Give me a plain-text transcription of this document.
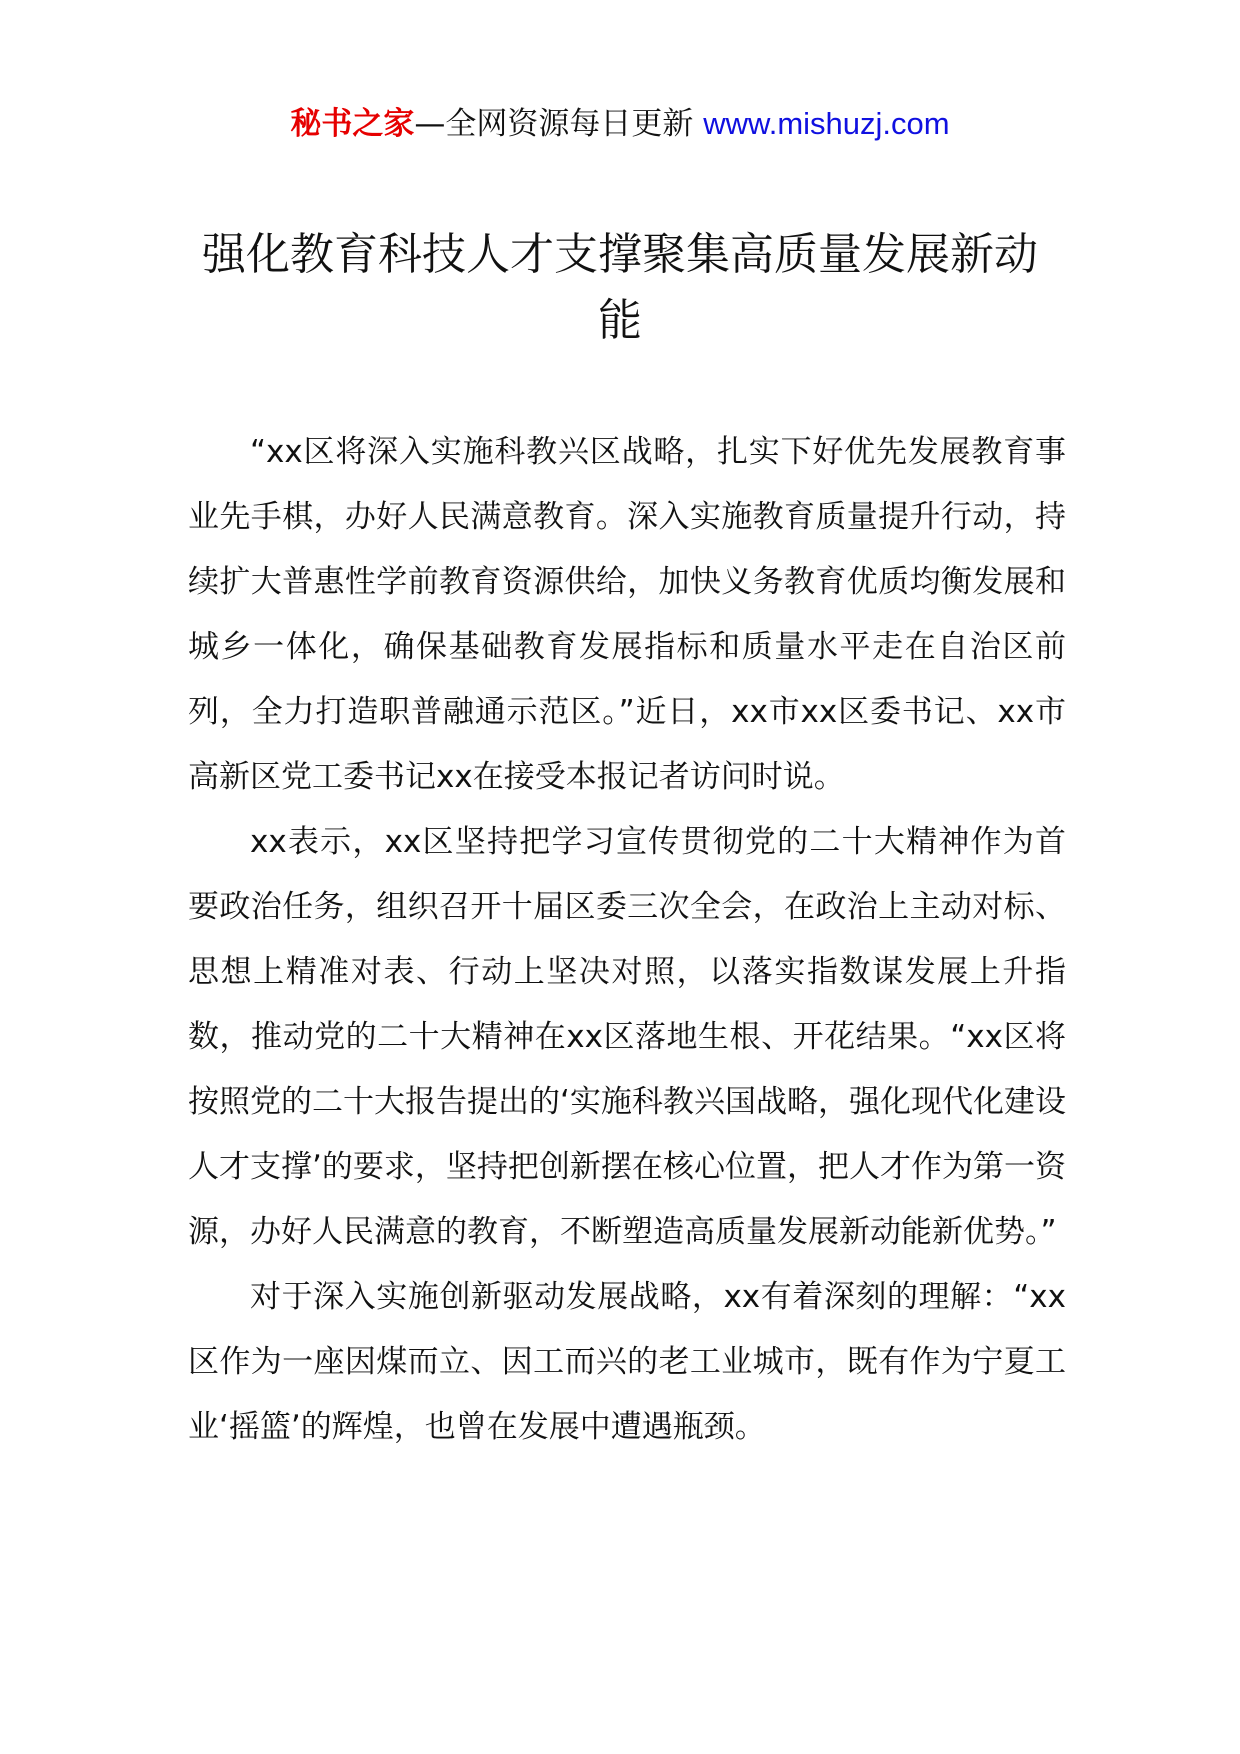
秘书之家—全网资源每日更新 www.mishuzj.com
强化教育科技人才支撑聚集高质量发展新动能

“xx区将深入实施科教兴区战略，扎实下好优先发展教育事业先手棋，办好人民满意教育。深入实施教育质量提升行动，持续扩大普惠性学前教育资源供给，加快义务教育优质均衡发展和城乡一体化，确保基础教育发展指标和质量水平走在自治区前列，全力打造职普融通示范区。”近日，xx市xx区委书记、xx市高新区党工委书记xx在接受本报记者访问时说。

xx表示，xx区坚持把学习宣传贯彻党的二十大精神作为首要政治任务，组织召开十届区委三次全会，在政治上主动对标、思想上精准对表、行动上坚决对照，以落实指数谋发展上升指数，推动党的二十大精神在xx区落地生根、开花结果。“xx区将按照党的二十大报告提出的‘实施科教兴国战略，强化现代化建设人才支撑’的要求，坚持把创新摆在核心位置，把人才作为第一资源，办好人民满意的教育，不断塑造高质量发展新动能新优势。”

对于深入实施创新驱动发展战略，xx有着深刻的理解：“xx区作为一座因煤而立、因工而兴的老工业城市，既有作为宁夏工业‘摇篮’的辉煌，也曾在发展中遭遇瓶颈。
